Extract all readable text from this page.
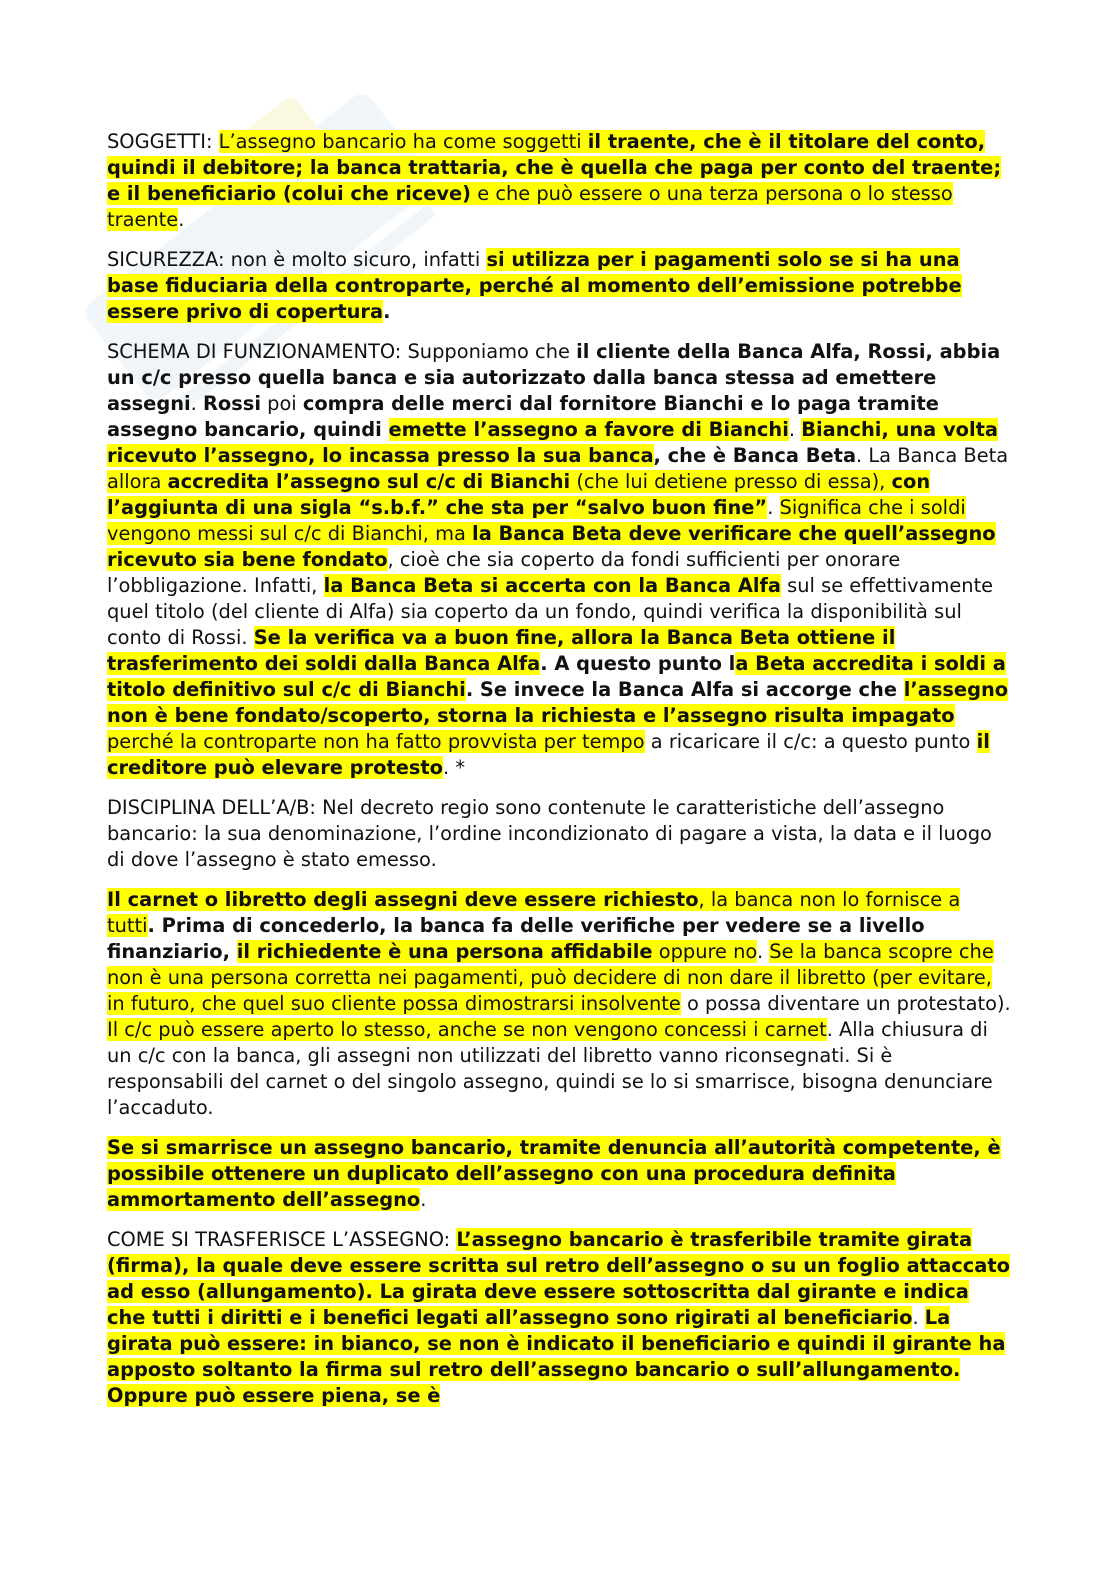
SOGGETTI: L’assegno bancario ha come soggetti il traente, che è il titolare del conto, quindi il debitore; la banca trattaria, che è quella che paga per conto del traente; e il beneficiario (colui che riceve) e che può essere o una terza persona o lo stesso traente.

SICUREZZA: non è molto sicuro, infatti si utilizza per i pagamenti solo se si ha una base fiduciaria della controparte, perché al momento dell’emissione potrebbe essere privo di copertura.

SCHEMA DI FUNZIONAMENTO: Supponiamo che il cliente della Banca Alfa, Rossi, abbia un c/c presso quella banca e sia autorizzato dalla banca stessa ad emettere assegni. Rossi poi compra delle merci dal fornitore Bianchi e lo paga tramite assegno bancario, quindi emette l’assegno a favore di Bianchi. Bianchi, una volta ricevuto l’assegno, lo incassa presso la sua banca, che è Banca Beta. La Banca Beta allora accredita l’assegno sul c/c di Bianchi (che lui detiene presso di essa), con l’aggiunta di una sigla “s.b.f.” che sta per “salvo buon fine”. Significa che i soldi vengono messi sul c/c di Bianchi, ma la Banca Beta deve verificare che quell’assegno ricevuto sia bene fondato, cioè che sia coperto da fondi sufficienti per onorare l’obbligazione. Infatti, la Banca Beta si accerta con la Banca Alfa sul se effettivamente quel titolo (del cliente di Alfa) sia coperto da un fondo, quindi verifica la disponibilità sul conto di Rossi. Se la verifica va a buon fine, allora la Banca Beta ottiene il trasferimento dei soldi dalla Banca Alfa. A questo punto la Beta accredita i soldi a titolo definitivo sul c/c di Bianchi. Se invece la Banca Alfa si accorge che l’assegno non è bene fondato/scoperto, storna la richiesta e l’assegno risulta impagato perché la controparte non ha fatto provvista per tempo a ricaricare il c/c: a questo punto il creditore può elevare protesto. *

DISCIPLINA DELL’A/B: Nel decreto regio sono contenute le caratteristiche dell’assegno bancario: la sua denominazione, l’ordine incondizionato di pagare a vista, la data e il luogo di dove l’assegno è stato emesso.

Il carnet o libretto degli assegni deve essere richiesto, la banca non lo fornisce a tutti. Prima di concederlo, la banca fa delle verifiche per vedere se a livello finanziario, il richiedente è una persona affidabile oppure no. Se la banca scopre che non è una persona corretta nei pagamenti, può decidere di non dare il libretto (per evitare, in futuro, che quel suo cliente possa dimostrarsi insolvente o possa diventare un protestato). Il c/c può essere aperto lo stesso, anche se non vengono concessi i carnet. Alla chiusura di un c/c con la banca, gli assegni non utilizzati del libretto vanno riconsegnati. Si è responsabili del carnet o del singolo assegno, quindi se lo si smarrisce, bisogna denunciare l’accaduto.

Se si smarrisce un assegno bancario, tramite denuncia all’autorità competente, è possibile ottenere un duplicato dell’assegno con una procedura definita ammortamento dell’assegno.

COME SI TRASFERISCE L’ASSEGNO: L’assegno bancario è trasferibile tramite girata (firma), la quale deve essere scritta sul retro dell’assegno o su un foglio attaccato ad esso (allungamento). La girata deve essere sottoscritta dal girante e indica che tutti i diritti e i benefici legati all’assegno sono rigirati al beneficiario. La girata può essere: in bianco, se non è indicato il beneficiario e quindi il girante ha apposto soltanto la firma sul retro dell’assegno bancario o sull’allungamento. Oppure può essere piena, se è
